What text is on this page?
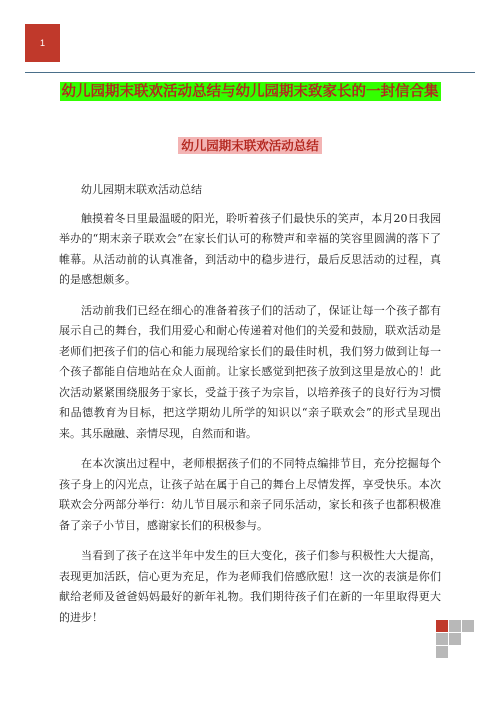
1
幼儿园期末联欢活动总结与幼儿园期末致家长的一封信合集
幼儿园期末联欢活动总结

幼儿园期末联欢活动总结

触摸着冬日里最温暖的阳光，聆听着孩子们最快乐的笑声，本月20日我园举办的“期末亲子联欢会”在家长们认可的称赞声和幸福的笑容里圆满的落下了帷幕。从活动前的认真准备，到活动中的稳步进行，最后反思活动的过程，真的是感想颇多。

活动前我们已经在细心的准备着孩子们的活动了，保证让每一个孩子都有展示自己的舞台，我们用爱心和耐心传递着对他们的关爱和鼓励，联欢活动是老师们把孩子们的信心和能力展现给家长们的最佳时机，我们努力做到让每一个孩子都能自信地站在众人面前。让家长感觉到把孩子放到这里是放心的！此次活动紧紧围绕服务于家长，受益于孩子为宗旨，以培养孩子的良好行为习惯和品德教育为目标，把这学期幼儿所学的知识以“亲子联欢会”的形式呈现出来。其乐融融、亲情尽现，自然而和谐。

在本次演出过程中，老师根据孩子们的不同特点编排节目，充分挖掘每个孩子身上的闪光点，让孩子站在属于自己的舞台上尽情发挥，享受快乐。本次联欢会分两部分举行：幼儿节目展示和亲子同乐活动，家长和孩子也都积极准备了亲子小节目，感谢家长们的积极参与。

当看到了孩子在这半年中发生的巨大变化，孩子们参与积极性大大提高，表现更加活跃，信心更为充足，作为老师我们倍感欣慰！这一次的表演是你们献给老师及爸爸妈妈最好的新年礼物。我们期待孩子们在新的一年里取得更大的进步！
